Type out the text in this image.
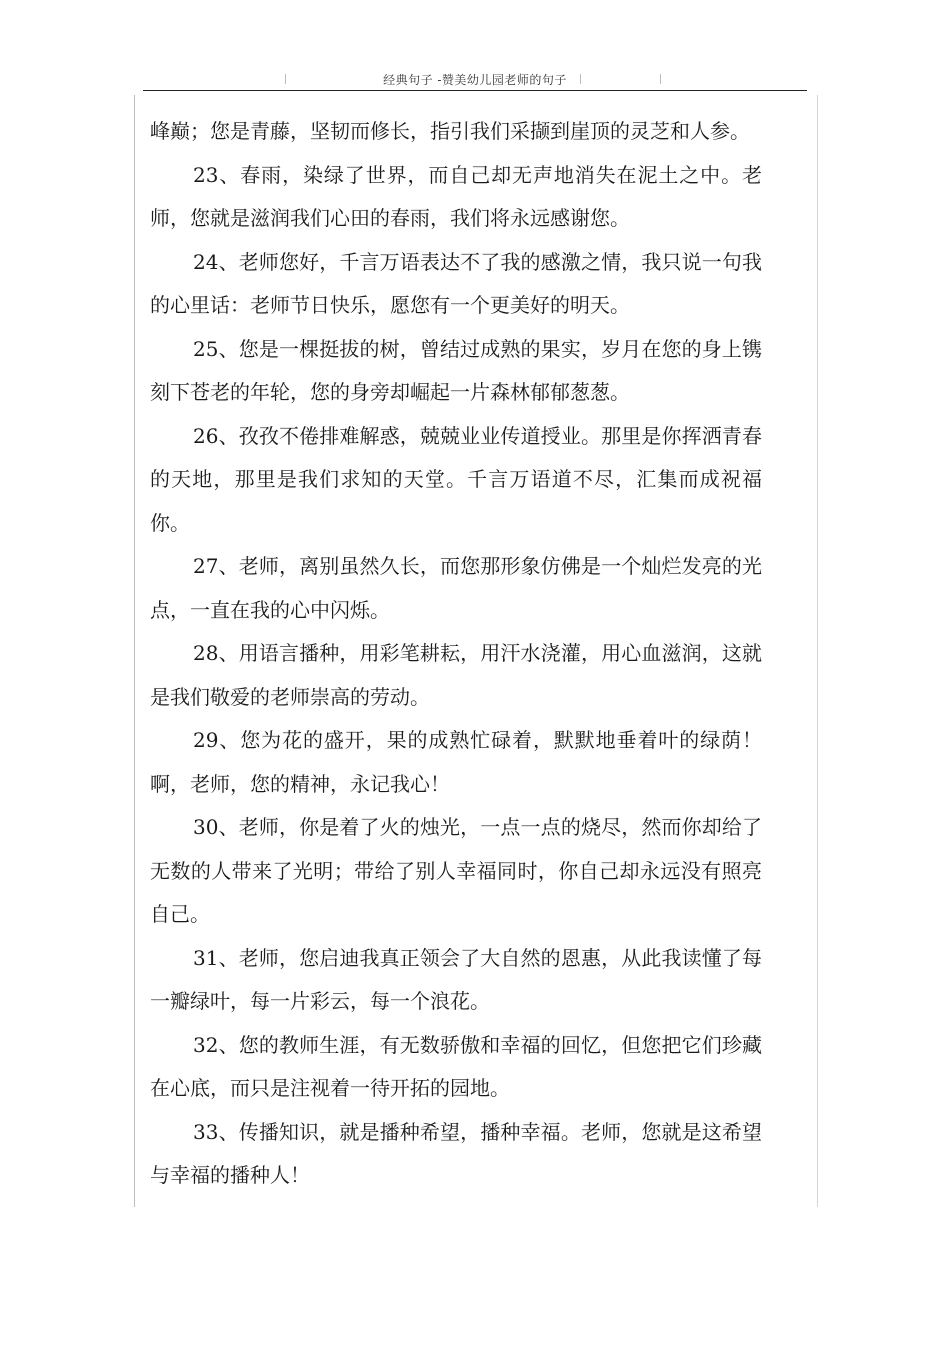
经典句子 -赞美幼儿园老师的句子

峰巅；您是青藤，坚韧而修长，指引我们采撷到崖顶的灵芝和人参。

23、春雨，染绿了世界，而自己却无声地消失在泥土之中。老师，您就是滋润我们心田的春雨，我们将永远感谢您。

24、老师您好，千言万语表达不了我的感激之情，我只说一句我的心里话：老师节日快乐，愿您有一个更美好的明天。

25、您是一棵挺拔的树，曾结过成熟的果实，岁月在您的身上镌刻下苍老的年轮，您的身旁却崛起一片森林郁郁葱葱。

26、孜孜不倦排难解惑，兢兢业业传道授业。那里是你挥洒青春的天地，那里是我们求知的天堂。千言万语道不尽，汇集而成祝福你。

27、老师，离别虽然久长，而您那形象仿佛是一个灿烂发亮的光点，一直在我的心中闪烁。

28、用语言播种，用彩笔耕耘，用汗水浇灌，用心血滋润，这就是我们敬爱的老师崇高的劳动。

29、您为花的盛开，果的成熟忙碌着，默默地垂着叶的绿荫！啊，老师，您的精神，永记我心！

30、老师，你是着了火的烛光，一点一点的烧尽，然而你却给了无数的人带来了光明；带给了别人幸福同时，你自己却永远没有照亮自己。

31、老师，您启迪我真正领会了大自然的恩惠，从此我读懂了每一瓣绿叶，每一片彩云，每一个浪花。

32、您的教师生涯，有无数骄傲和幸福的回忆，但您把它们珍藏在心底，而只是注视着一待开拓的园地。

33、传播知识，就是播种希望，播种幸福。老师，您就是这希望与幸福的播种人！
